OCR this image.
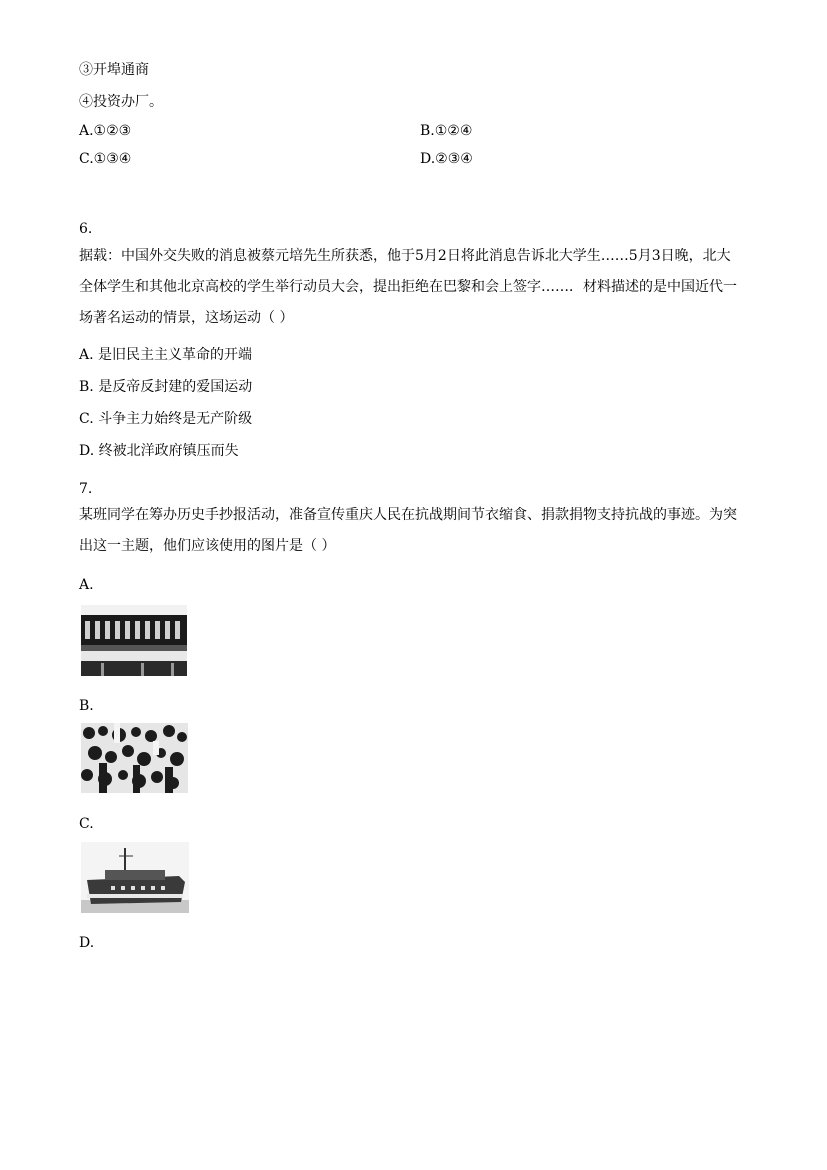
③开埠通商
④投资办厂。
A.①②③	B.①②④
C.①③④	D.②③④
6.
据载：中国外交失败的消息被蔡元培先生所获悉，他于5月2日将此消息告诉北大学生……5月3日晚，北大全体学生和其他北京高校的学生举行动员大会，提出拒绝在巴黎和会上签字……．材料描述的是中国近代一场著名运动的情景，这场运动（ ）
A. 是旧民主主义革命的开端
B. 是反帝反封建的爱国运动
C. 斗争主力始终是无产阶级
D. 终被北洋政府镇压而失
7.
某班同学在筹办历史手抄报活动，准备宣传重庆人民在抗战期间节衣缩食、捐款捐物支持抗战的事迹。为突出这一主题，他们应该使用的图片是（ ）
A.
B.
C.
D.
